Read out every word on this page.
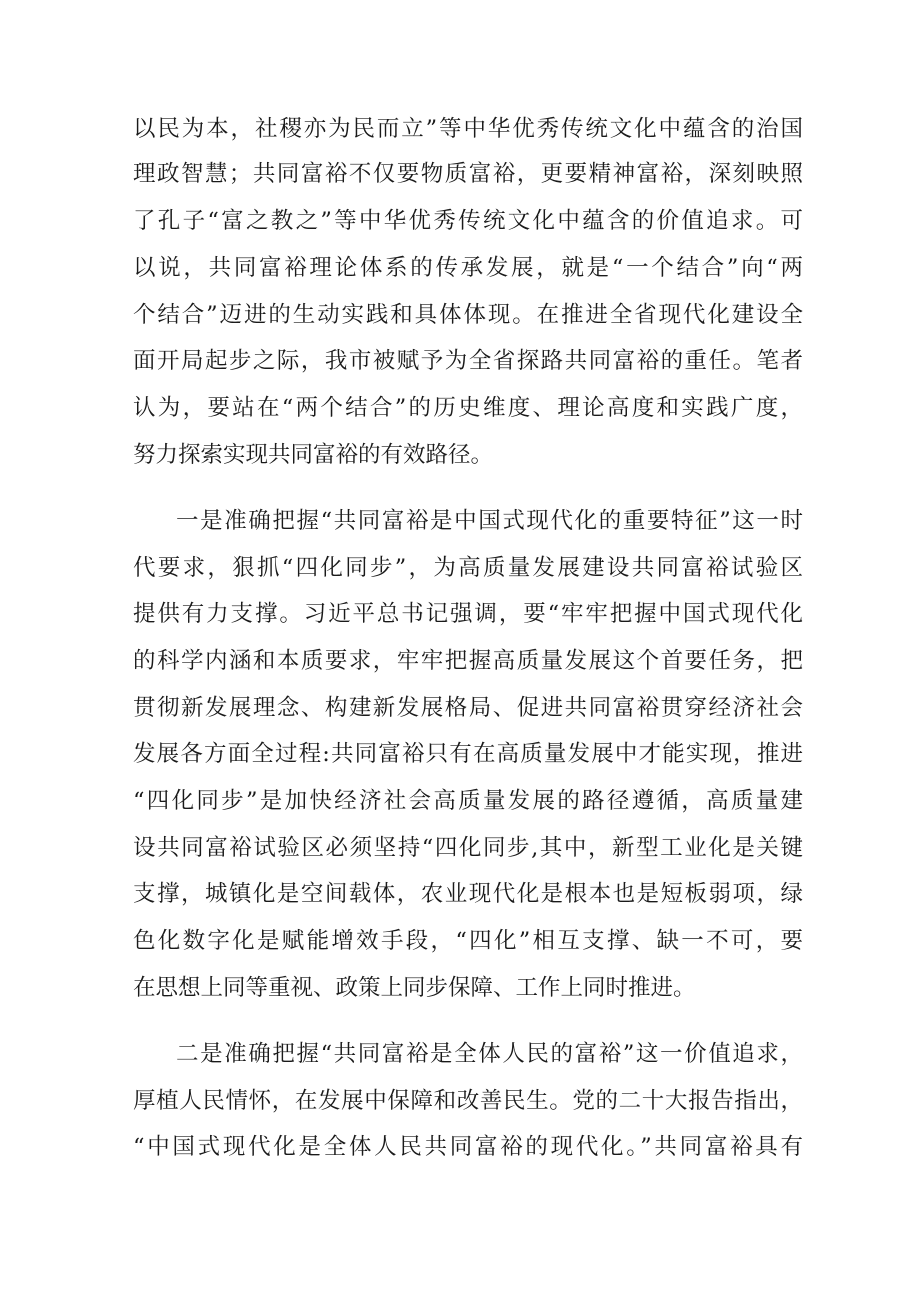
以民为本，社稷亦为民而立”等中华优秀传统文化中蕴含的治国
理政智慧；共同富裕不仅要物质富裕，更要精神富裕，深刻映照
了孔子“富之教之”等中华优秀传统文化中蕴含的价值追求。可
以说，共同富裕理论体系的传承发展，就是“一个结合”向“两
个结合”迈进的生动实践和具体体现。在推进全省现代化建设全
面开局起步之际，我市被赋予为全省探路共同富裕的重任。笔者
认为，要站在“两个结合”的历史维度、理论高度和实践广度，
努力探索实现共同富裕的有效路径。
一是准确把握“共同富裕是中国式现代化的重要特征”这一时
代要求，狠抓“四化同步”，为高质量发展建设共同富裕试验区
提供有力支撑。习近平总书记强调，要“牢牢把握中国式现代化
的科学内涵和本质要求，牢牢把握高质量发展这个首要任务，把
贯彻新发展理念、构建新发展格局、促进共同富裕贯穿经济社会
发展各方面全过程:共同富裕只有在高质量发展中才能实现，推进
“四化同步”是加快经济社会高质量发展的路径遵循，高质量建
设共同富裕试验区必须坚持“四化同步,其中，新型工业化是关键
支撑，城镇化是空间载体，农业现代化是根本也是短板弱项，绿
色化数字化是赋能增效手段，“四化”相互支撑、缺一不可，要
在思想上同等重视、政策上同步保障、工作上同时推进。
二是准确把握“共同富裕是全体人民的富裕”这一价值追求，
厚植人民情怀，在发展中保障和改善民生。党的二十大报告指出，
“中国式现代化是全体人民共同富裕的现代化。”共同富裕具有
